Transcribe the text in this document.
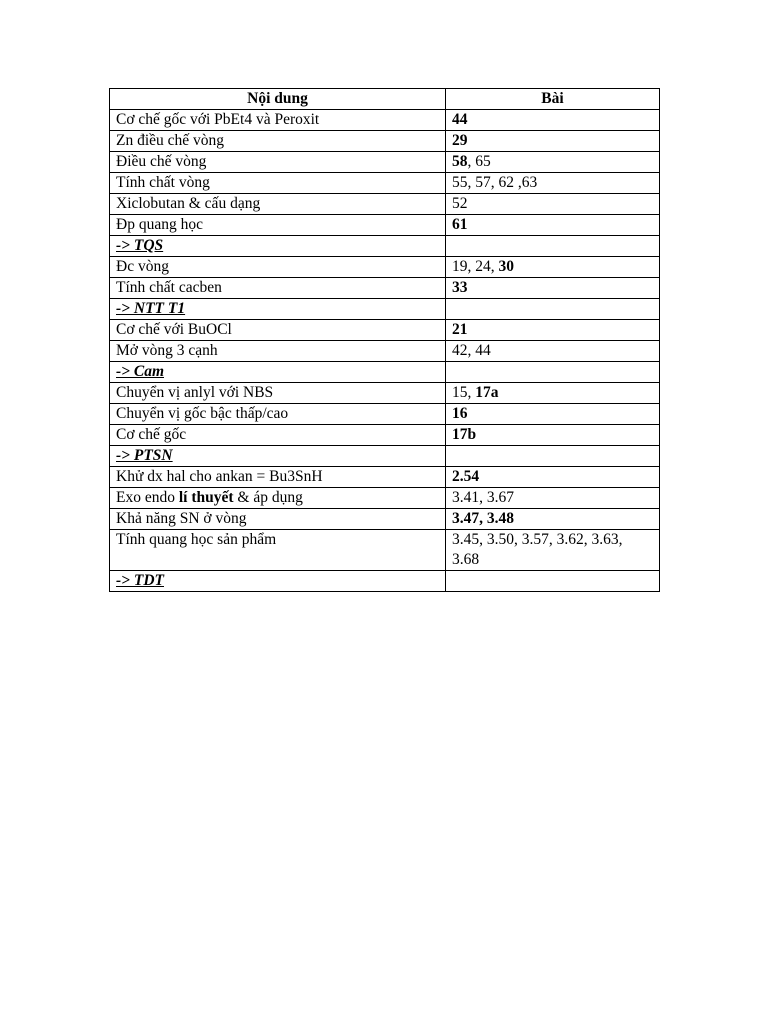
Nội dung	Bài
Cơ chế gốc với PbEt4 và Peroxit	44
Zn điều chế vòng	29
Điều chế vòng	58, 65
Tính chất vòng	55, 57, 62 ,63
Xiclobutan & cấu dạng	52
Đp quang học	61
-> TQS	
Đc vòng	19, 24, 30
Tính chất cacben	33
-> NTT T1	
Cơ chế với BuOCl	21
Mở vòng 3 cạnh	42, 44
-> Cam	
Chuyển vị anlyl với NBS	15, 17a
Chuyển vị gốc bậc thấp/cao	16
Cơ chế gốc	17b
-> PTSN	
Khử dx hal cho ankan = Bu3SnH	2.54
Exo endo lí thuyết & áp dụng	3.41, 3.67
Khả năng SN ở vòng	3.47, 3.48
Tính quang học sản phẩm	3.45, 3.50, 3.57, 3.62, 3.63, 3.68
-> TDT	
